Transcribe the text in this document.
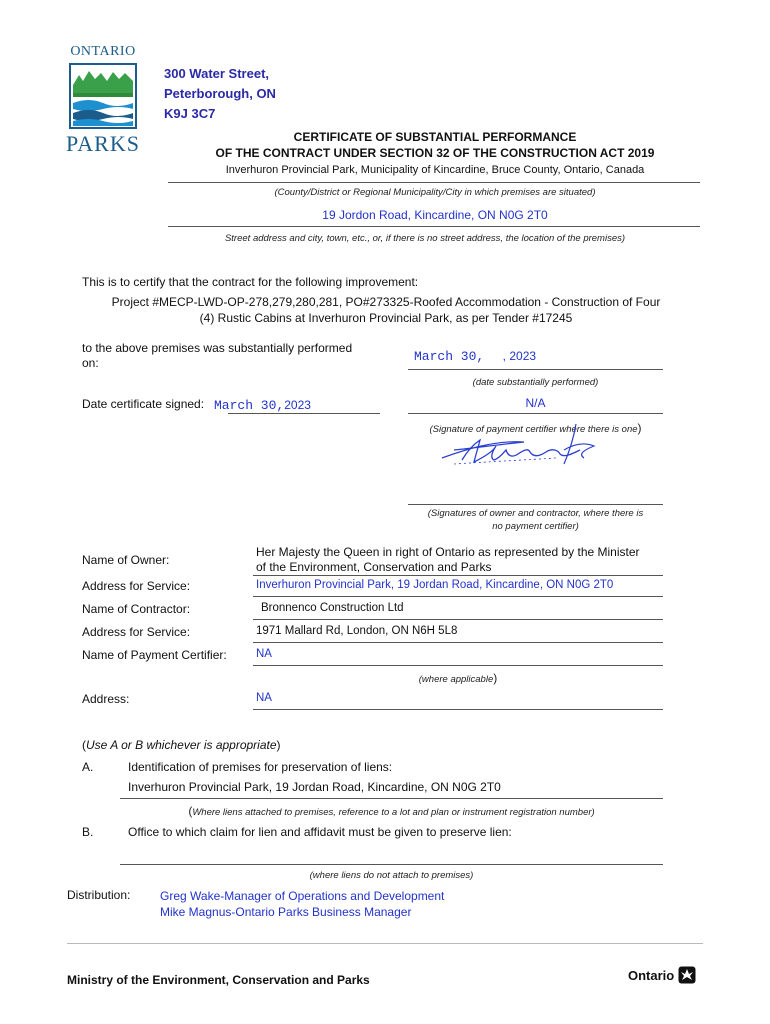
ONTARIO
PARKS
300 Water Street,
Peterborough, ON
K9J 3C7
CERTIFICATE OF SUBSTANTIAL PERFORMANCE
OF THE CONTRACT UNDER SECTION 32 OF THE CONSTRUCTION ACT 2019
Inverhuron Provincial Park, Municipality of Kincardine, Bruce County, Ontario, Canada
(County/District or Regional Municipality/City in which premises are situated)
19 Jordon Road, Kincardine, ON N0G 2T0
Street address and city, town, etc., or, if there is no street address, the location of the premises)
This is to certify that the contract for the following improvement:
Project #MECP-LWD-OP-278,279,280,281, PO#273325-Roofed Accommodation - Construction of Four
(4) Rustic Cabins at Inverhuron Provincial Park, as per Tender #17245
to the above premises was substantially performed
on:	March 30, , 2023
(date substantially performed)
Date certificate signed: March 30,2023	N/A
(Signature of payment certifier where there is one)
(Signatures of owner and contractor, where there is
no payment certifier)
Name of Owner:
Her Majesty the Queen in right of Ontario as represented by the Minister
of the Environment, Conservation and Parks
Address for Service:	Inverhuron Provincial Park, 19 Jordan Road, Kincardine, ON N0G 2T0
Name of Contractor:	Bronnenco Construction Ltd
Address for Service:	1971 Mallard Rd, London, ON N6H 5L8
Name of Payment Certifier:	NA
(where applicable)
Address:	NA
(Use A or B whichever is appropriate)
A.	Identification of premises for preservation of liens:
Inverhuron Provincial Park, 19 Jordan Road, Kincardine, ON N0G 2T0
(Where liens attached to premises, reference to a lot and plan or instrument registration number)
B.	Office to which claim for lien and affidavit must be given to preserve lien:
(where liens do not attach to premises)
Distribution: Greg Wake-Manager of Operations and Development
Mike Magnus-Ontario Parks Business Manager
Ministry of the Environment, Conservation and Parks	Ontario
